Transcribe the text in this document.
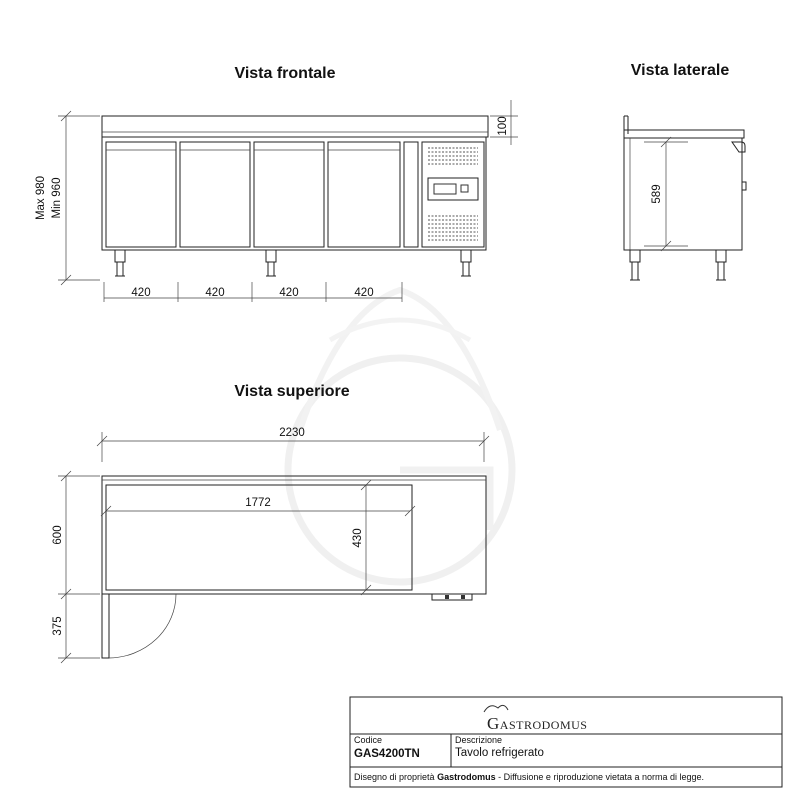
Vista frontale
Max 980 Min 960
100
420	420	420	420
Vista laterale
589
Vista superiore
2230
1772
430
600
375
Gastrodomus
Codice
GAS4200TN
Descrizione
Tavolo refrigerato
Disegno di proprietà Gastrodomus - Diffusione e riproduzione vietata a norma di legge.
